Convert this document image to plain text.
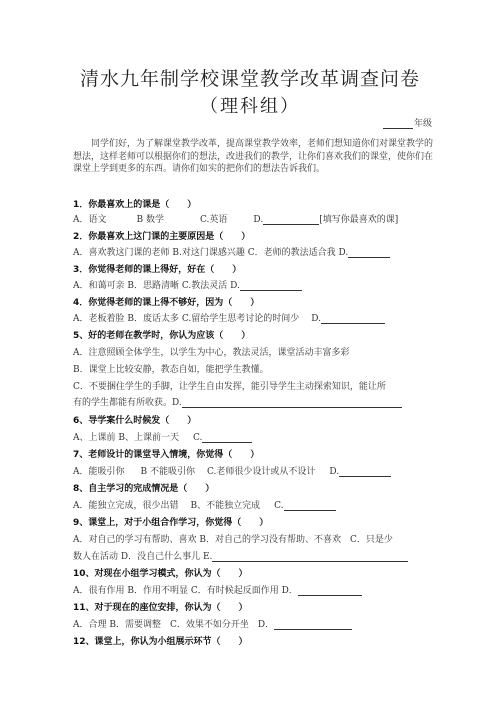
清水九年制学校课堂教学改革调查问卷
（理科组）
年级
同学们好，为了解课堂教学改革，提高课堂教学效率，老师们想知道你们对课堂教学的想法，这样老师可以根据你们的想法，改进我们的教学，让你们喜欢我们的课堂，使你们在课堂上学到更多的东西。请你们如实的把你们的想法告诉我们。
1．你最喜欢上的课是（　　）
A．语文	B 数学	C.英语	D.	[填写你最喜欢的课]
2．你最喜欢上这门课的主要原因是（　　）
A．喜欢教这门课的老师 B.对这门课感兴趣 C．老师的教法适合我 D.
3．你觉得老师的课上得好，好在（　　）
A．和蔼可亲 B．思路清晰 C.教法灵活 D.
4．你觉得老师的课上得不够好，因为（　　）
A．老板着脸 B．废话太多 C.留给学生思考讨论的时间少 D.
5、好的老师在教学时，你认为应该（　　）
A．注意照顾全体学生，以学生为中心，教法灵活，课堂活动丰富多彩
B．课堂上比较安静，教态自如，能把学生教懂。
C．不要捆住学生的手脚，让学生自由发挥，能引导学生主动探索知识，能让所
有的学生都能有所收获。D.
6、导学案什么时候发（　　）
A、上课前 B、上课前一天 C.
7、老师设计的课堂导入情境，你觉得（　　）
A．能吸引你 B 不能吸引你 C.老师很少设计或从不设计 D.
8、自主学习的完成情况是（　　）
A．能独立完成，很少出错 B、不能独立完成 C.
9、课堂上，对于小组合作学习，你觉得（　　）
A．对自己的学习有帮助、喜欢 B．对自己的学习没有帮助、不喜欢　C．只是少
数人在活动 D．没自己什么事儿 E.
10、对现在小组学习模式，你认为（　　）
A．很有作用 B．作用不明显 C．有时候起反面作用 D．
11、对于现在的座位安排，你认为（　　）
A．合理 B．需要调整　C．效果不如分开坐　D．
12、课堂上，你认为小组展示环节（　　）
